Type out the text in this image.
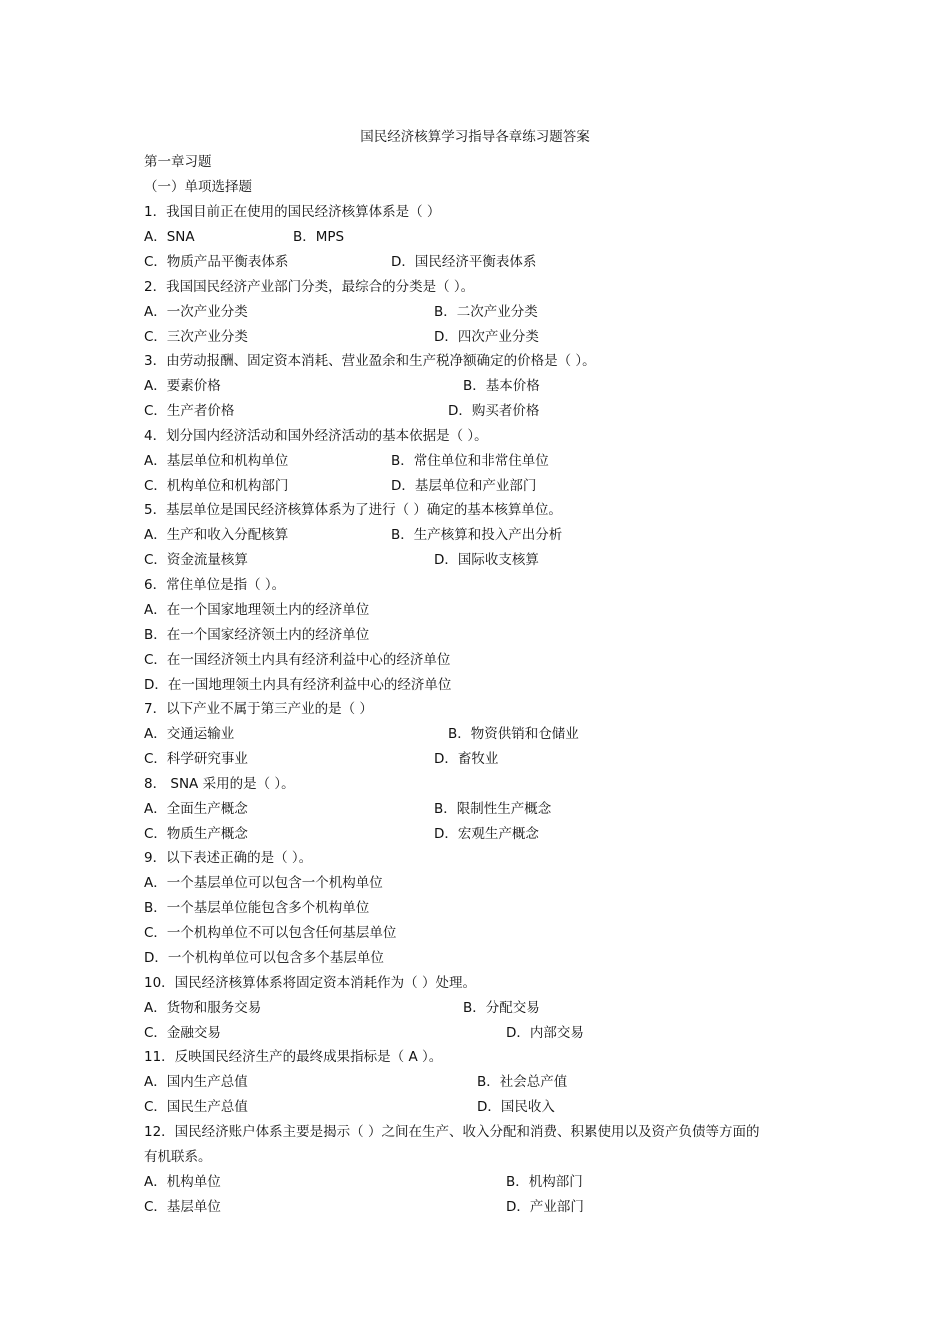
国民经济核算学习指导各章练习题答案
第一章习题
（一）单项选择题
1．我国目前正在使用的国民经济核算体系是（ ）
A．SNA	B．MPS
C．物质产品平衡表体系	D．国民经济平衡表体系
2．我国国民经济产业部门分类，最综合的分类是（ ）。
A．一次产业分类	B．二次产业分类
C．三次产业分类	D．四次产业分类
3．由劳动报酬、固定资本消耗、营业盈余和生产税净额确定的价格是（ ）。
A．要素价格	B．基本价格
C．生产者价格	D．购买者价格
4．划分国内经济活动和国外经济活动的基本依据是（ ）。
A．基层单位和机构单位	B．常住单位和非常住单位
C．机构单位和机构部门	D．基层单位和产业部门
5．基层单位是国民经济核算体系为了进行（ ）确定的基本核算单位。
A．生产和收入分配核算	B．生产核算和投入产出分析
C．资金流量核算	D．国际收支核算
6．常住单位是指（ ）。
A．在一个国家地理领土内的经济单位
B．在一个国家经济领土内的经济单位
C．在一国经济领土内具有经济利益中心的经济单位
D．在一国地理领土内具有经济利益中心的经济单位
7．以下产业不属于第三产业的是（ ）
A．交通运输业	B．物资供销和仓储业
C．科学研究事业	D．畜牧业
8． SNA 采用的是（ ）。
A．全面生产概念	B．限制性生产概念
C．物质生产概念	D．宏观生产概念
9．以下表述正确的是（ ）。
A．一个基层单位可以包含一个机构单位
B．一个基层单位能包含多个机构单位
C．一个机构单位不可以包含任何基层单位
D．一个机构单位可以包含多个基层单位
10．国民经济核算体系将固定资本消耗作为（ ）处理。
A．货物和服务交易	B．分配交易
C．金融交易	D．内部交易
11．反映国民经济生产的最终成果指标是（ A ）。
A．国内生产总值	B．社会总产值
C．国民生产总值	D．国民收入
12．国民经济账户体系主要是揭示（ ）之间在生产、收入分配和消费、积累使用以及资产负债等方面的
有机联系。
A．机构单位	B．机构部门
C．基层单位	D．产业部门
